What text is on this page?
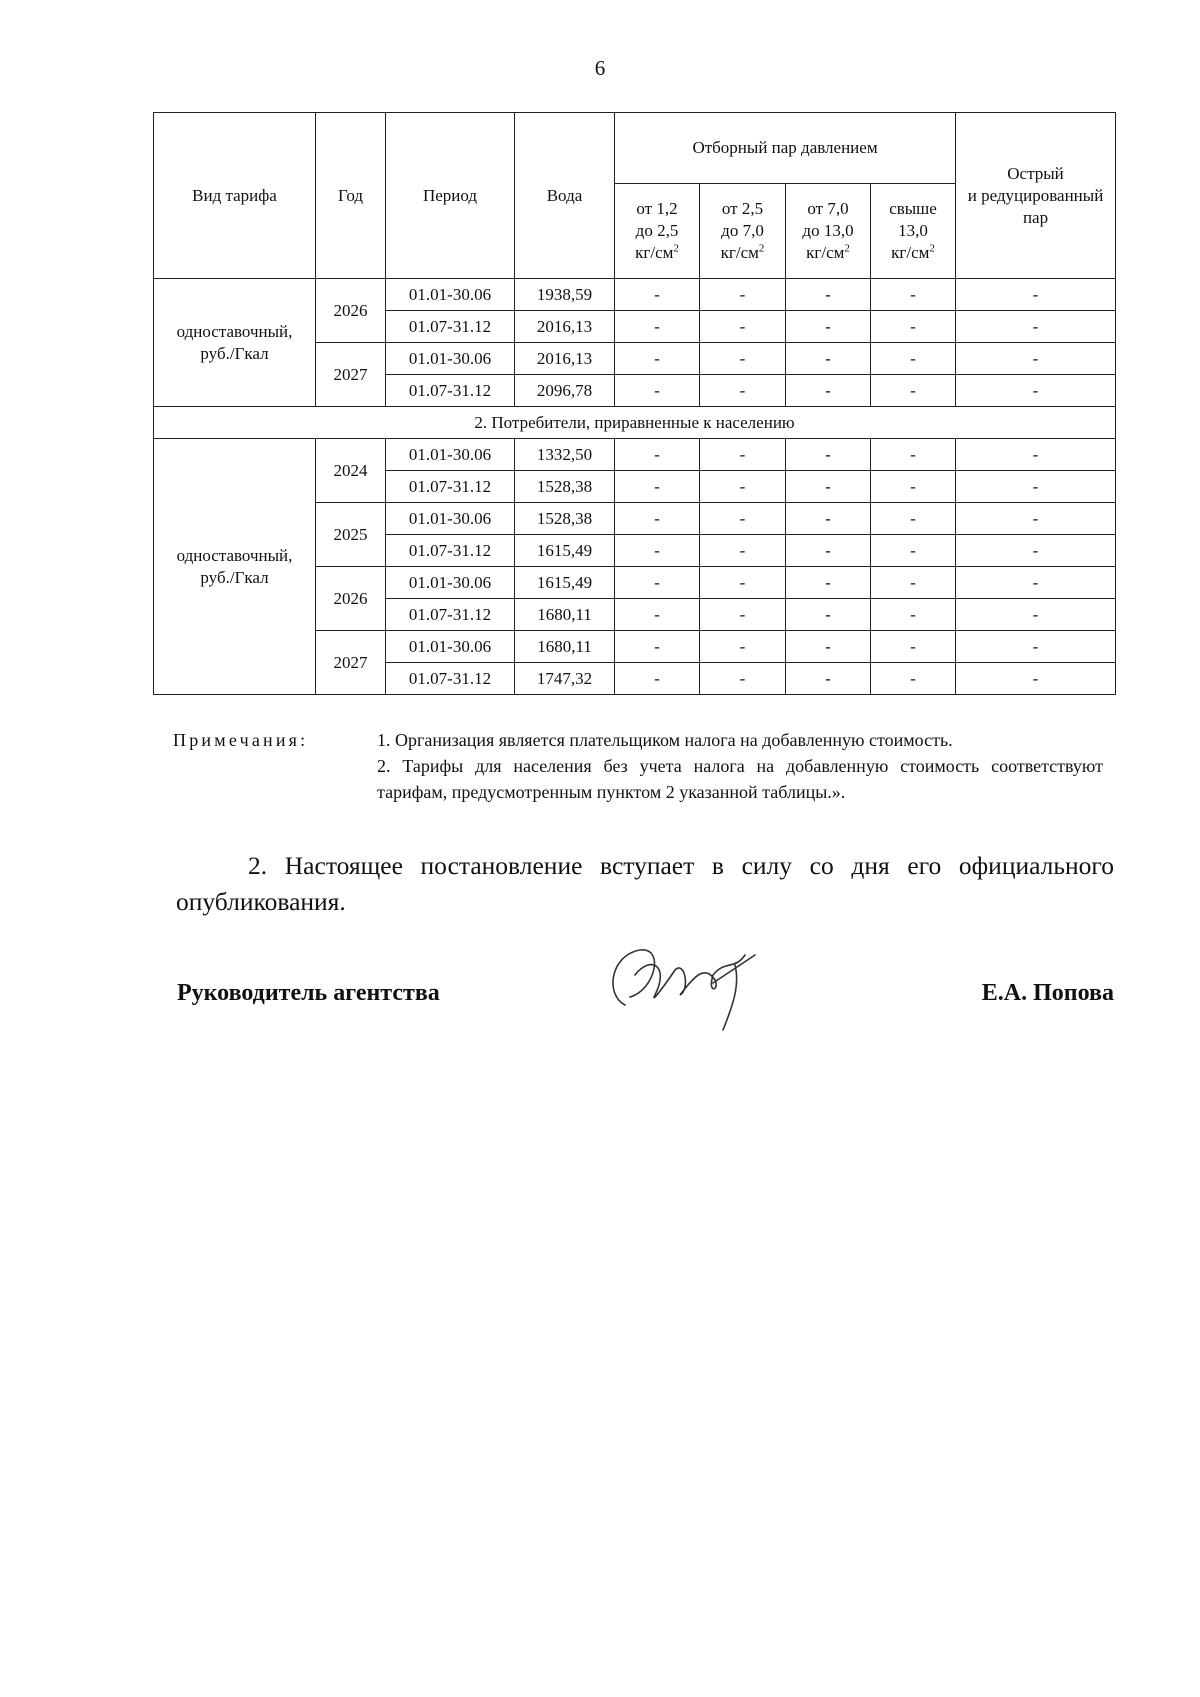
6
Вид тарифа	Год	Период	Вода	Отборный пар давлением				Острый
и редуцированный
пар
				от 1,2
до 2,5
$кг/см^2$	от 2,5
до 7,0
$кг/см^2$	от 7,0
до 13,0
$кг/см^2$	свыше
13,0
$кг/см^2$
одноставочный,
руб./Гкал	2026	01.01-30.06	1938,59	-	-	-	-	-
		01.07-31.12	2016,13	-	-	-	-	-
	2027	01.01-30.06	2016,13	-	-	-	-	-
		01.07-31.12	2096,78	-	-	-	-	-
2. Потребители, приравненные к населению								
одноставочный,
руб./Гкал	2024	01.01-30.06	1332,50	-	-	-	-	-
		01.07-31.12	1528,38	-	-	-	-	-
	2025	01.01-30.06	1528,38	-	-	-	-	-
		01.07-31.12	1615,49	-	-	-	-	-
	2026	01.01-30.06	1615,49	-	-	-	-	-
		01.07-31.12	1680,11	-	-	-	-	-
	2027	01.01-30.06	1680,11	-	-	-	-	-
		01.07-31.12	1747,32	-	-	-	-	-
Примечания:	1. Организация является плательщиком налога на добавленную стоимость.
2. Тарифы для населения без учета налога на добавленную стоимость соответствуют тарифам, предусмотренным пунктом 2 указанной таблицы.».
2. Настоящее постановление вступает в силу со дня его официального опубликования.
Руководитель агентства	Е.А. Попова
